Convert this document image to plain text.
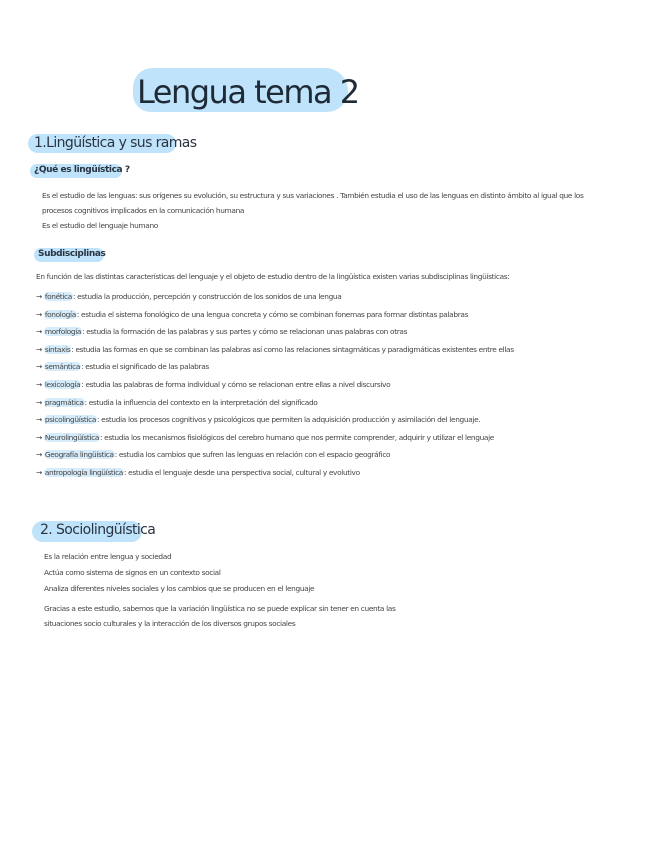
Lengua tema 2
1.Lingüística y sus ramas
¿Qué es lingüística ?
Es el estudio de las lenguas: sus orígenes su evolución, su estructura y sus variaciones . También estudia el uso de las lenguas en distinto ámbito al igual que los
procesos cognitivos implicados en la comunicación humana
Es el estudio del lenguaje humano
Subdisciplinas
En función de las distintas características del lenguaje y el objeto de estudio dentro de la lingüística existen varias subdisciplinas lingüísticas:
→ fonética: estudia la producción, percepción y construcción de los sonidos de una lengua
→ fonología: estudia el sistema fonológico de una lengua concreta y cómo se combinan fonemas para formar distintas palabras
→ morfología: estudia la formación de las palabras y sus partes y cómo se relacionan unas palabras con otras
→ sintaxis: estudia las formas en que se combinan las palabras así como las relaciones sintagmáticas y paradigmáticas existentes entre ellas
→ semántica: estudia el significado de las palabras
→ lexicología: estudia las palabras de forma individual y cómo se relacionan entre ellas a nivel discursivo
→ pragmática: estudia la influencia del contexto en la interpretación del significado
→ psicolingüística: estudia los procesos cognitivos y psicológicos que permiten la adquisición producción y asimilación del lenguaje.
→ Neurolingüística: estudia los mecanismos fisiológicos del cerebro humano que nos permite comprender, adquirir y utilizar el lenguaje
→ Geografía lingüística: estudia los cambios que sufren las lenguas en relación con el espacio geográfico
→ antropología lingüística: estudia el lenguaje desde una perspectiva social, cultural y evolutivo
2. Sociolingüística
Es la relación entre lengua y sociedad
Actúa como sistema de signos en un contexto social
Analiza diferentes niveles sociales y los cambios que se producen en el lenguaje
Gracias a este estudio, sabemos que la variación lingüística no se puede explicar sin tener en cuenta las
situaciones socio culturales y la interacción de los diversos grupos sociales
